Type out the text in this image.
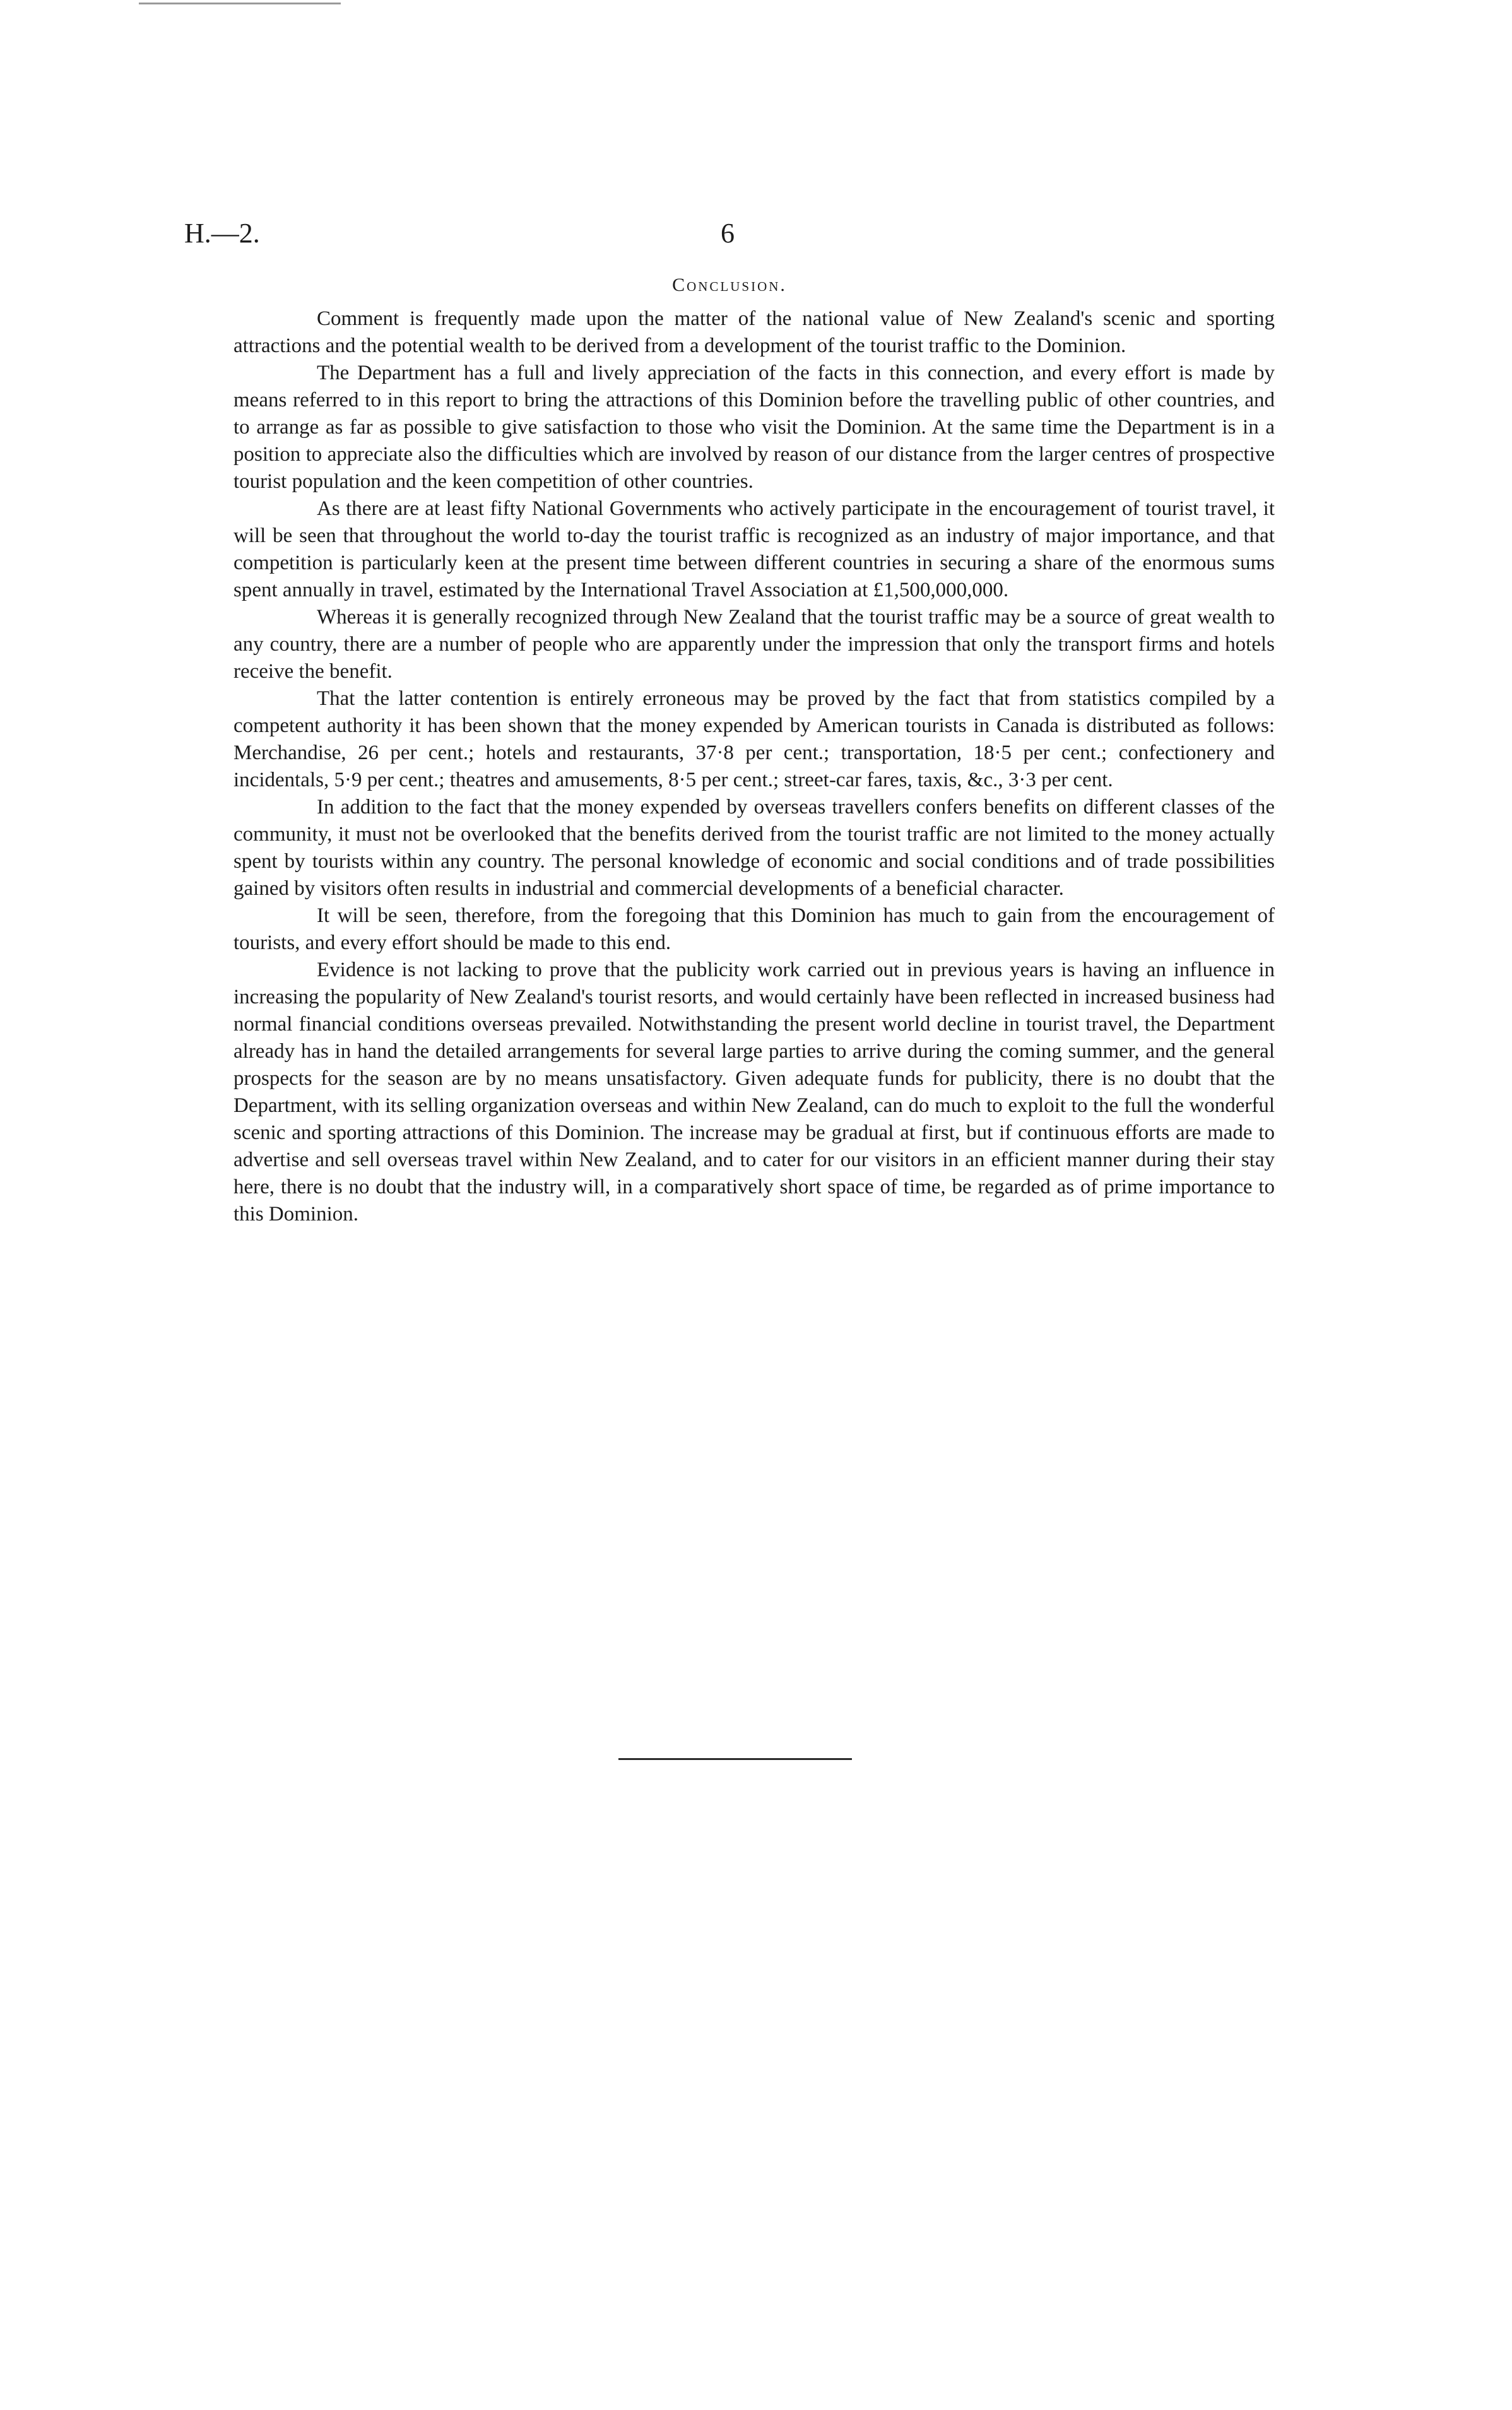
H.—2.	6
Conclusion.

Comment is frequently made upon the matter of the national value of New Zealand's scenic and sporting attractions and the potential wealth to be derived from a development of the tourist traffic to the Dominion.

The Department has a full and lively appreciation of the facts in this connection, and every effort is made by means referred to in this report to bring the attractions of this Dominion before the travelling public of other countries, and to arrange as far as possible to give satisfaction to those who visit the Dominion. At the same time the Department is in a position to appreciate also the difficulties which are involved by reason of our distance from the larger centres of prospective tourist population and the keen competition of other countries.

As there are at least fifty National Governments who actively participate in the encouragement of tourist travel, it will be seen that throughout the world to-day the tourist traffic is recognized as an industry of major importance, and that competition is particularly keen at the present time between different countries in securing a share of the enormous sums spent annually in travel, estimated by the International Travel Association at £1,500,000,000.

Whereas it is generally recognized through New Zealand that the tourist traffic may be a source of great wealth to any country, there are a number of people who are apparently under the impression that only the transport firms and hotels receive the benefit.

That the latter contention is entirely erroneous may be proved by the fact that from statistics compiled by a competent authority it has been shown that the money expended by American tourists in Canada is distributed as follows: Merchandise, 26 per cent.; hotels and restaurants, 37·8 per cent.; transportation, 18·5 per cent.; confectionery and incidentals, 5·9 per cent.; theatres and amusements, 8·5 per cent.; street-car fares, taxis, &c., 3·3 per cent.

In addition to the fact that the money expended by overseas travellers confers benefits on different classes of the community, it must not be overlooked that the benefits derived from the tourist traffic are not limited to the money actually spent by tourists within any country. The personal knowledge of economic and social conditions and of trade possibilities gained by visitors often results in industrial and commercial developments of a beneficial character.

It will be seen, therefore, from the foregoing that this Dominion has much to gain from the encouragement of tourists, and every effort should be made to this end.

Evidence is not lacking to prove that the publicity work carried out in previous years is having an influence in increasing the popularity of New Zealand's tourist resorts, and would certainly have been reflected in increased business had normal financial conditions overseas prevailed. Notwithstanding the present world decline in tourist travel, the Department already has in hand the detailed arrangements for several large parties to arrive during the coming summer, and the general prospects for the season are by no means unsatisfactory. Given adequate funds for publicity, there is no doubt that the Department, with its selling organization overseas and within New Zealand, can do much to exploit to the full the wonderful scenic and sporting attractions of this Dominion. The increase may be gradual at first, but if continuous efforts are made to advertise and sell overseas travel within New Zealand, and to cater for our visitors in an efficient manner during their stay here, there is no doubt that the industry will, in a comparatively short space of time, be regarded as of prime importance to this Dominion.
